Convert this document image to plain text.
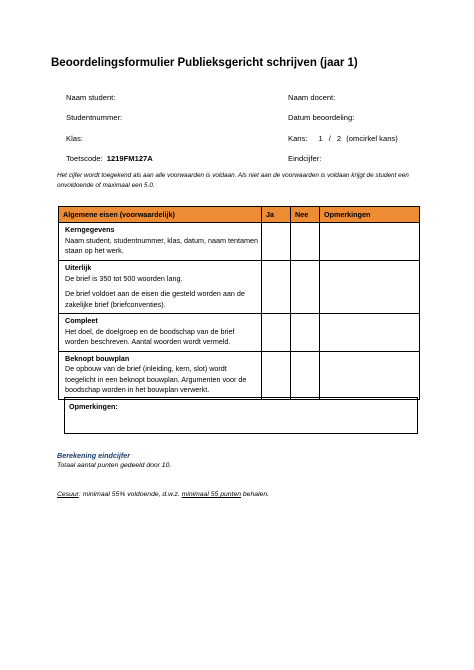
Beoordelingsformulier Publieksgericht schrijven (jaar 1)
Naam student:	Naam docent:
Studentnummer:	Datum beoordeling:
Klas:	Kans: 1 / 2 (omcirkel kans)
Toetscode: 1219FM127A	Eindcijfer:
Het cijfer wordt toegekend als aan alle voorwaarden is voldaan. Als niet aan de voorwaarden is voldaan krijgt de student een onvoldoende of maximaal een 5.0.
Algemene eisen (voorwaardelijk)	Ja	Nee	Opmerkingen

Kerngegevens
Naam student, studentnummer, klas, datum, naam tentamen staan op het werk.			

Uiterlijk
De brief is 350 tot 500 woorden lang.
De brief voldoet aan de eisen die gesteld worden aan de zakelijke brief (briefconventies).			

Compleet
Het doel, de doelgroep en de boodschap van de brief worden beschreven. Aantal woorden wordt vermeld.			

Beknopt bouwplan
De opbouw van de brief (inleiding, kern, slot) wordt toegelicht in een beknopt bouwplan. Argumenten voor de boodschap worden in het bouwplan verwerkt.			
Opmerkingen:
Berekening eindcijfer
Totaal aantal punten gedeeld door 10.
Cesuur: minimaal 55% voldoende, d.w.z. minimaal 55 punten behalen.
